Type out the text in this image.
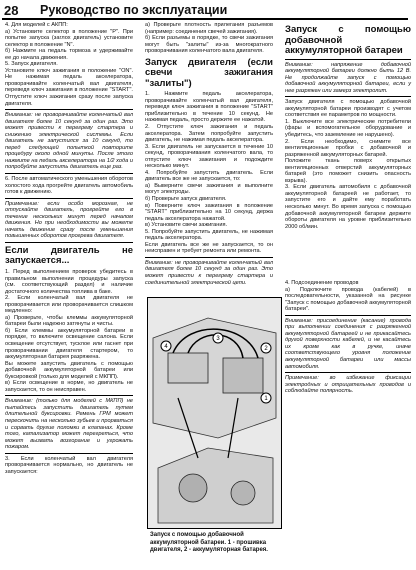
28 Руководство по эксплуатации

4. Для моделей с АКПП:

а) Установите селектор в положение "P". При попытке запуска (заглох двигатель) установите селектор в положение "N".

б) Нажмите на педаль тормоза и удерживайте ее до начала движения.

5. Запуск двигателя.

Установите ключ зажигания в положение "ON". Не нажимая педаль акселератора, проворачивайте коленчатый вал двигателя, переведя ключ зажигания в положение "START". Отпустите ключ зажигания сразу после запуска двигателя.

Внимание: не проворачивайте коленчатый вал двигателя более 10 секунд за один раз. Это может привести к перегреву стартера и снижению электрической системы. Если двигатель не запустился за 10 секунд, то перед следующей попыткой повторите процедуру около одной минуты. После этого нажмите на педаль акселератора на 1/2 хода и попробуйте запустить двигатель еще раз.

6. После автоматического уменьшения оборотов холостого хода прогрейте двигатель автомобиль готов к движению.

Примечание: если особо морозная, не отпускайте двигатель, прогрейте его в течение нескольких минут перед началом движения. Но при необходимости вы можете начать движение сразу после уменьшения повышенных оборотов прогрева двигателя.

Если двигатель не запускается...

1. Перед выполнением проверок убедитесь в правильном выполнении процедуры запуска (см. соответствующий раздел) и наличие достаточного количества топлива в баке.

2. Если коленчатый вал двигателя не проворачивается или проворачивается слишком медленно:

а) Проверьте, чтобы клеммы аккумуляторной батареи были надежно затянуты и чисты.

б) Если клеммы аккумуляторной батареи в порядке, то включите освещение салона. Если освещение отсутствует, тусклое или гаснет при проворачивании двигателя стартером, то аккумуляторная батарея разряжена.

Вы можете запустить двигатель с помощью добавочной аккумуляторной батареи или буксировкой (только для моделей с МКПП).

в) Если освещение в норме, но двигатель не запускается, то он неисправен.

Внимание: (только для моделей с МКПП) не пытайтесь запустить двигатель путем длительной буксировки. Ремень ГРМ может перескочить на несколько зубьев и прорваться и сорвать другие поломки в клапанах. Кроме того, катализатор может перегреться, что может вызвать возгорание и угрожать пожаром.

3. Если коленчатый вал двигателя проворачивается нормально, но двигатель не запускается:

а) Проверьте плотность прилегания разъемов (например: соединения свечей зажигания).

б) Если разъемы в порядке, то свечи зажигания могут быть "залиты" из-за многократного проворачивания коленчатого вала двигателя.

Запуск двигателя (если свечи зажигания "залиты")

1. Нажмите педаль акселератора, проворачивайте коленчатый вал двигателя, переведя ключ зажигания в положение "START" приблизительно в течение 10 секунд. Не нажимая педаль, просто держите ее нажатой.

2. Отпустите ключ зажигания и педаль акселератора. Затем попробуйте запустить двигатель, не нажимая педаль акселератора.

3. Если двигатель не запускается в течение 10 секунд, проворачивания коленчатого вала, то отпустите ключ зажигания и подождите несколько минут.

4. Попробуйте запустить двигатель. Если двигатель все же не запускается, то:

а) Выверните свечи зажигания и выполните могут электроды.

б) Проверьте запуск двигателя.

в) Поверните ключ зажигания в положение "START" приблизительно на 10 секунд, держа педаль акселератора нажатой.

в) Установите свечи зажигания.

5. Попробуйте запустить двигатель, не нажимая педаль акселератора.

Если двигатель все же не запускается, то он неисправен и требует ремонта или ремонта.

Внимание: не проворачивайте коленчатый вал двигателя более 10 секунд за один раз. Это может привести к перегреву стартера и соединительной электрической цепи.

Запуск с помощью добавочной аккумуляторной батареи

Внимание: напряжение добавочной аккумуляторной батареи должно быть 12 В. Не продолжайте запуск с помощью добавочной аккумуляторной батареи, если у нее разряжен или замерз электролит.

Запуск двигателя с помощью добавочной аккумуляторной батареи производят с учетом соответствия ее параметров по мощности.

1. Выключите все электрические потребители (фары и вспомогательное оборудование и убедитесь, что заземление не нарушено).

2. Если необходимо, снимите все вентиляционные пробки с добавочной и разряженной аккумуляторных батарей.

Положите ткань поверх открытых вентиляционных отверстий аккумуляторных батарей (это поможет снизить опасность взрыва).

3. Если двигатель автомобиля с добавочной аккумуляторной батареей не работает, то запустите его и дайте ему поработать несколько минут. Во время запуска с помощью добавочной аккумуляторной батареи держите обороты двигателя на уровне приблизительно 2000 об/мин.

4. Подсоединение проводов

а) Подключите провода (кабелей) в последовательности, указанной на рисунке "Запуск с помощью добавочной аккумуляторной батареи".

Внимание: присоединение (касание) провода при выполнении соединения с разряженной аккумуляторной батареей и не прикасайтесь другой поверхности кабелей, и не касайтесь их кроме как в ручке, иначе соответствующего уровня положение аккумуляторной батареи или массы автомобиля.

Примечание: во избежание фиксации электродных и отрицательных проводов и соблюдайте полярность.

4
3
2
1
Запуск с помощью добавочной аккумуляторной батареи. 1 - прошивка двигателя, 2 - аккумуляторная батарея.
